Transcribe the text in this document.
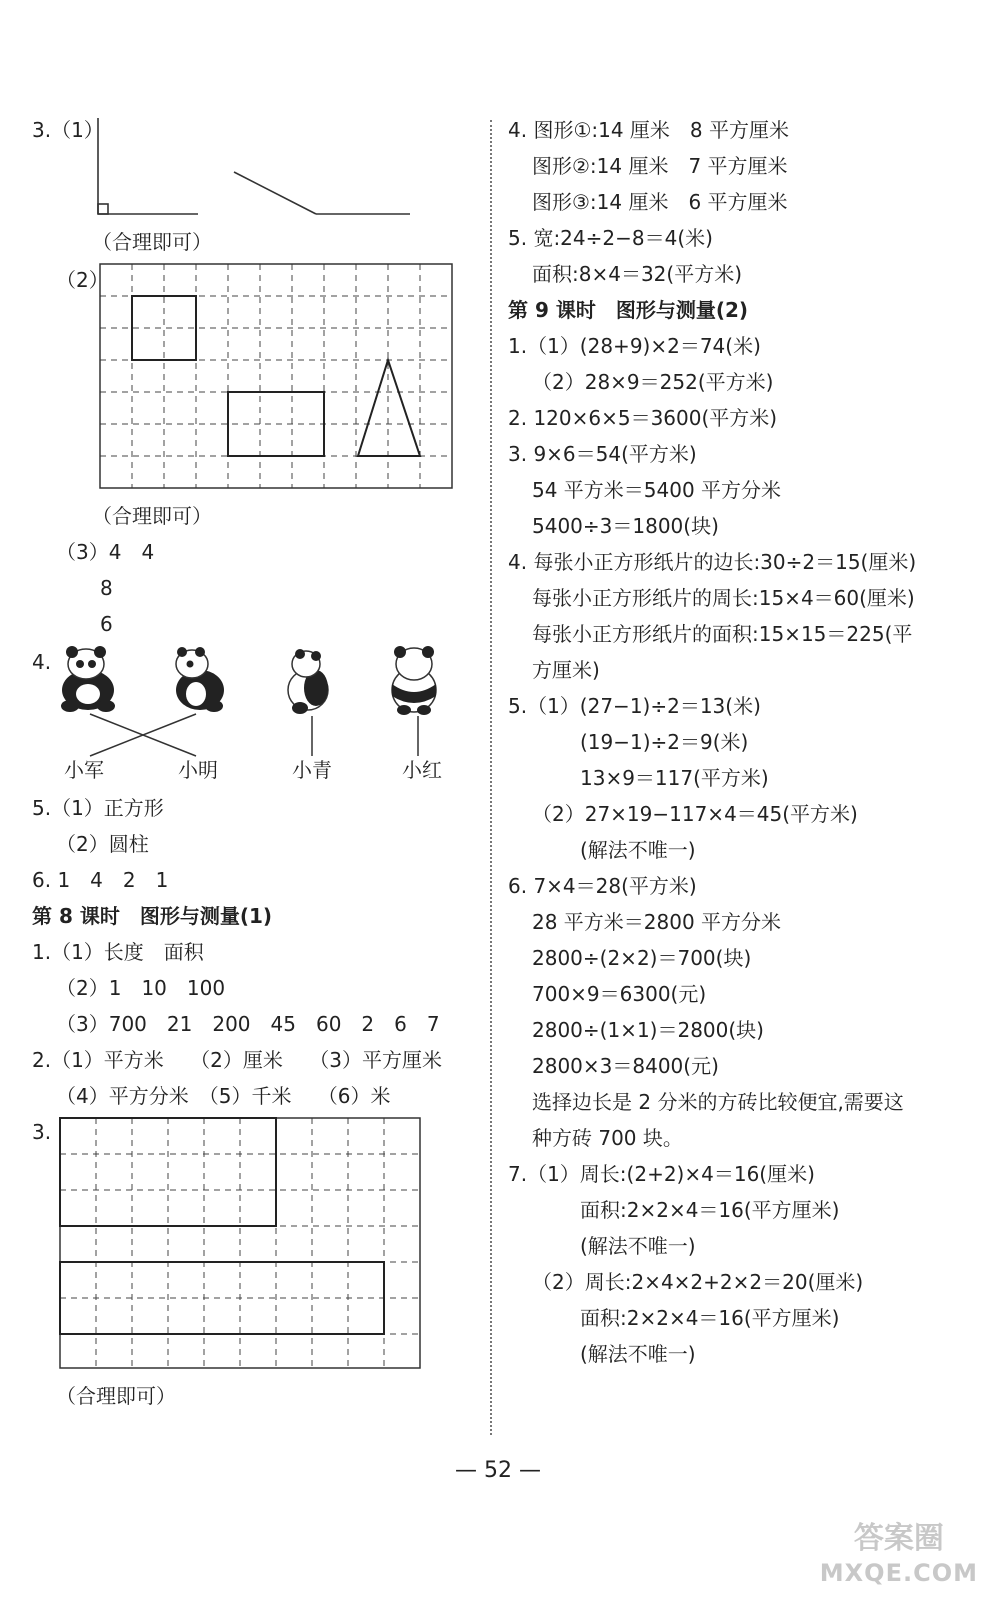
3.（1）
（合理即可）
（2）
（合理即可）
（3）4　4
8
6
4.
小军	小明	小青	小红
5.（1）正方形
（2）圆柱
6. 1　4　2　1
第 8 课时　图形与测量(1)
1.（1）长度　面积
（2）1　10　100
（3）700　21　200　45　60　2　6　7
2.（1）平方米　 （2）厘米　 （3）平方厘米
（4）平方分米　（5）千米　 （6）米
3.
（合理即可）
4. 图形①:14 厘米　8 平方厘米
图形②:14 厘米　7 平方厘米
图形③:14 厘米　6 平方厘米
5. 宽:24÷2−8＝4(米)
面积:8×4＝32(平方米)
第 9 课时　图形与测量(2)
1.（1）(28+9)×2＝74(米)
（2）28×9＝252(平方米)
2. 120×6×5＝3600(平方米)
3. 9×6＝54(平方米)
54 平方米＝5400 平方分米
5400÷3＝1800(块)
4. 每张小正方形纸片的边长:30÷2＝15(厘米)
每张小正方形纸片的周长:15×4＝60(厘米)
每张小正方形纸片的面积:15×15＝225(平
方厘米)
5.（1）(27−1)÷2＝13(米)
(19−1)÷2＝9(米)
13×9＝117(平方米)
（2）27×19−117×4＝45(平方米)
(解法不唯一)
6. 7×4＝28(平方米)
28 平方米＝2800 平方分米
2800÷(2×2)＝700(块)
700×9＝6300(元)
2800÷(1×1)＝2800(块)
2800×3＝8400(元)
选择边长是 2 分米的方砖比较便宜,需要这
种方砖 700 块。
7.（1）周长:(2+2)×4＝16(厘米)
面积:2×2×4＝16(平方厘米)
(解法不唯一)
（2）周长:2×4×2+2×2＝20(厘米)
面积:2×2×4＝16(平方厘米)
(解法不唯一)
— 52 —
答案圈
MXQE.COM
